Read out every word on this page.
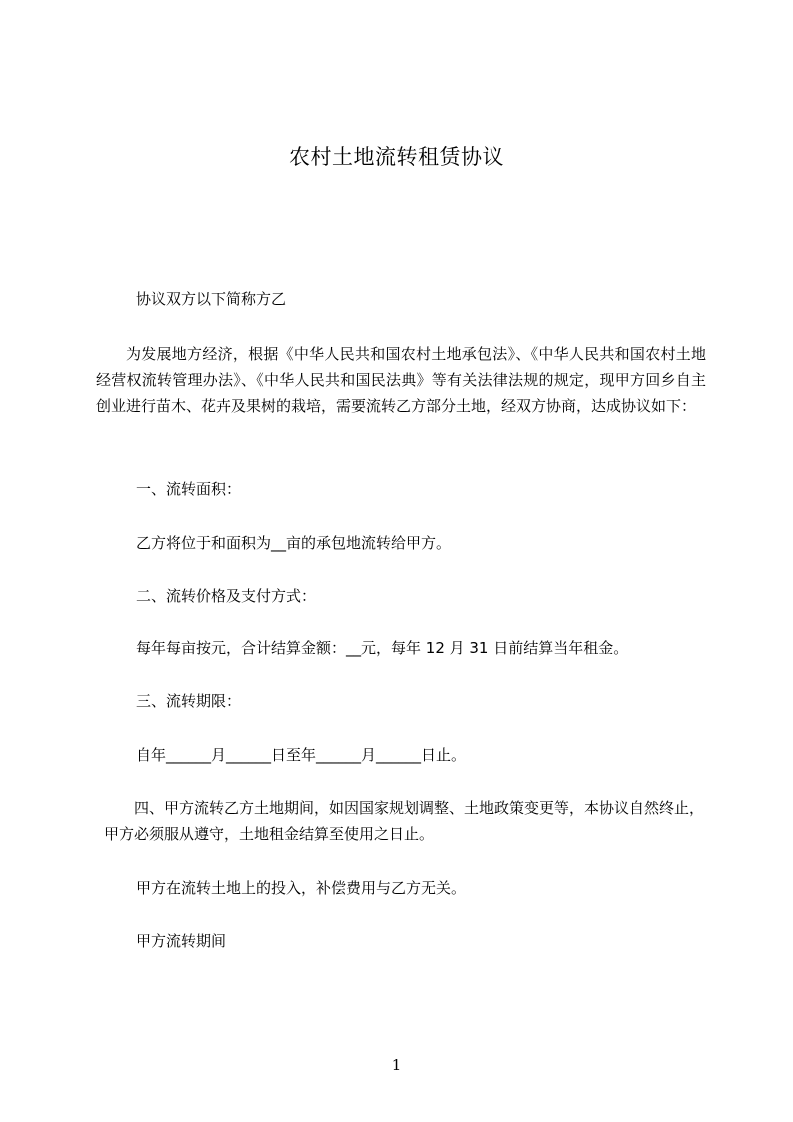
农村土地流转租赁协议

协议双方以下简称方乙

为发展地方经济，根据《中华人民共和国农村土地承包法》、《中华人民共和国农村土地经营权流转管理办法》、《中华人民共和国民法典》等有关法律法规的规定，现甲方回乡自主创业进行苗木、花卉及果树的栽培，需要流转乙方部分土地，经双方协商，达成协议如下：

一、流转面积：

乙方将位于和面积为__亩的承包地流转给甲方。

二、流转价格及支付方式：

每年每亩按元，合计结算金额：__元，每年 12 月 31 日前结算当年租金。

三、流转期限：

自年______月______日至年______月______日止。

四、甲方流转乙方土地期间，如因国家规划调整、土地政策变更等，本协议自然终止，甲方必须服从遵守，土地租金结算至使用之日止。

甲方在流转土地上的投入，补偿费用与乙方无关。

甲方流转期间

1
